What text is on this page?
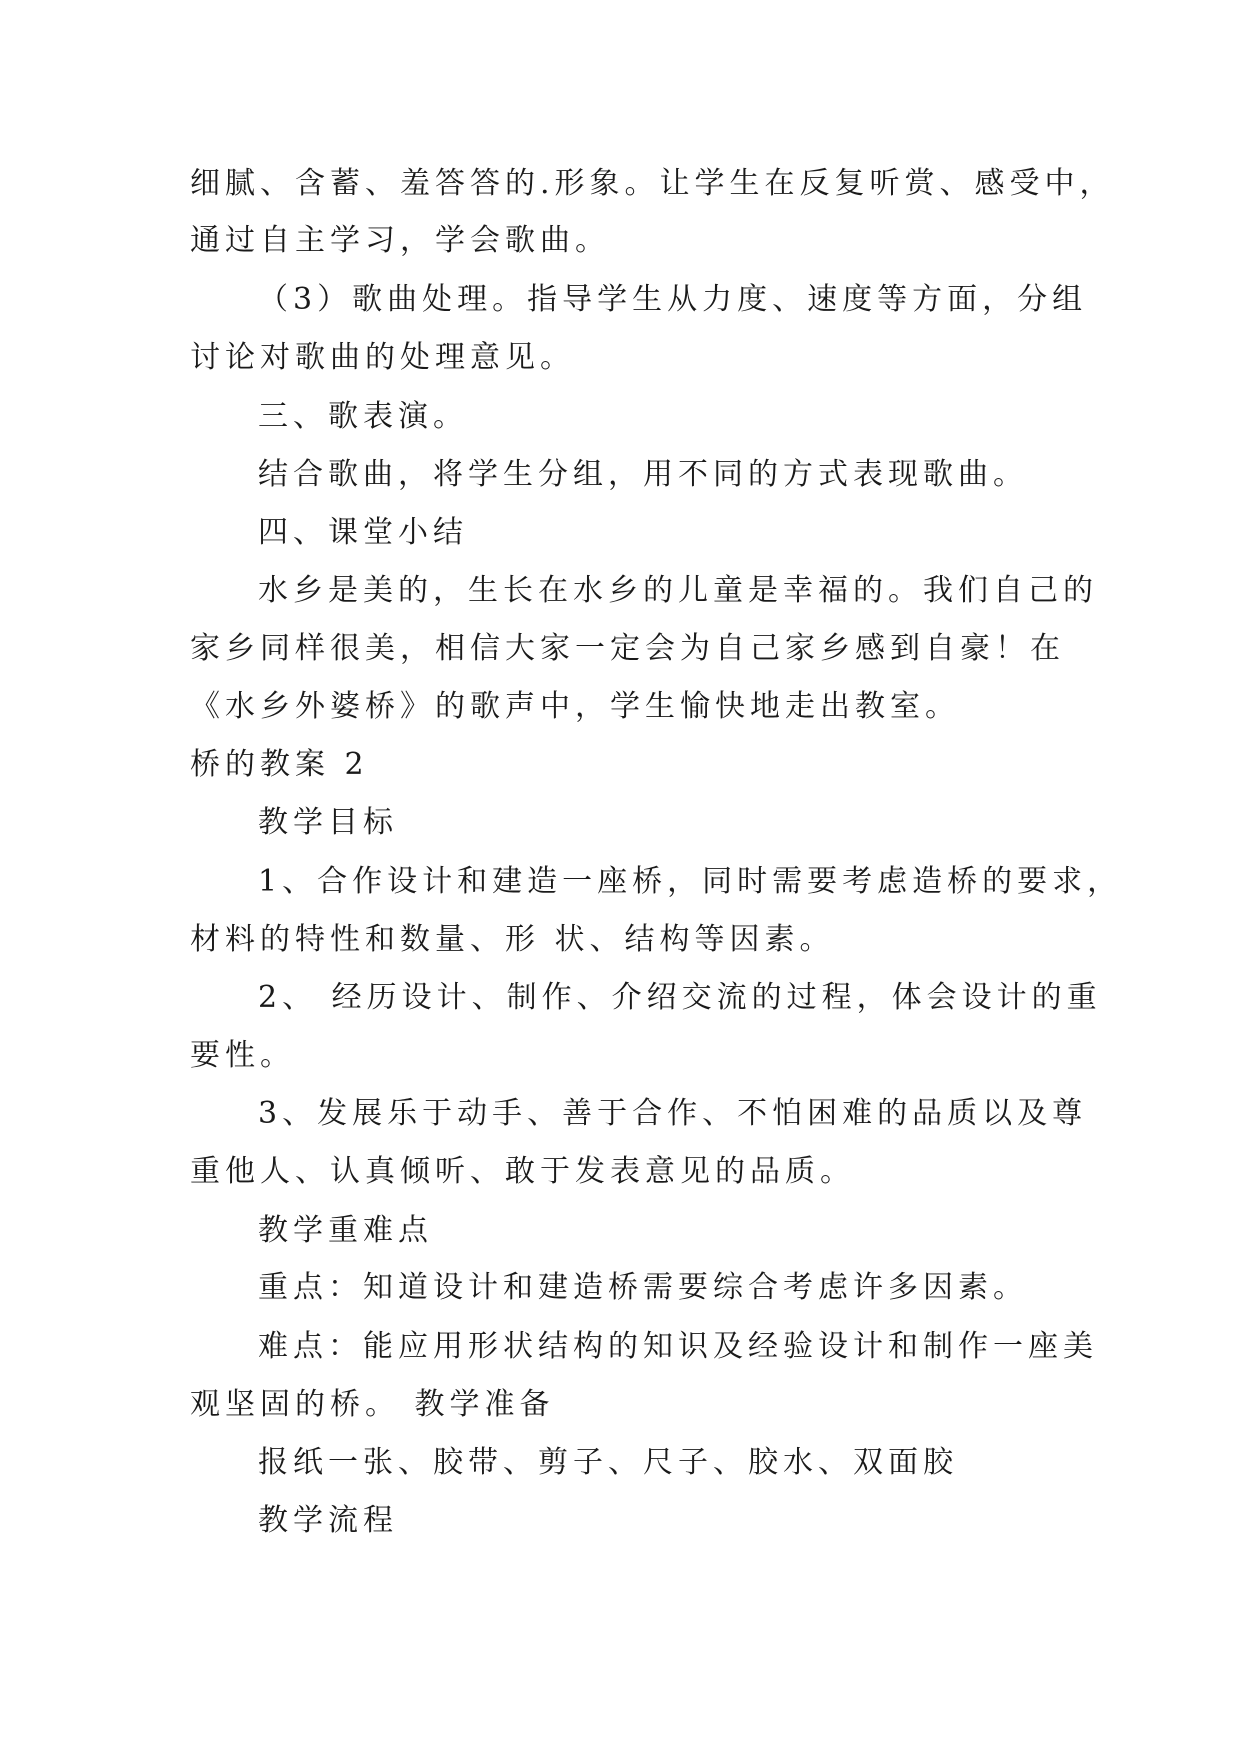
细腻、含蓄、羞答答的.形象。让学生在反复听赏、感受中，
通过自主学习，学会歌曲。
（3）歌曲处理。指导学生从力度、速度等方面，分组
讨论对歌曲的处理意见。
三、歌表演。
结合歌曲，将学生分组，用不同的方式表现歌曲。
四、课堂小结
水乡是美的，生长在水乡的儿童是幸福的。我们自己的
家乡同样很美，相信大家一定会为自己家乡感到自豪！在
《水乡外婆桥》的歌声中，学生愉快地走出教室。
桥的教案 2
教学目标
1、合作设计和建造一座桥，同时需要考虑造桥的要求，
材料的特性和数量、形 状、结构等因素。
2、 经历设计、制作、介绍交流的过程，体会设计的重
要性。
3、发展乐于动手、善于合作、不怕困难的品质以及尊
重他人、认真倾听、敢于发表意见的品质。
教学重难点
重点：知道设计和建造桥需要综合考虑许多因素。
难点：能应用形状结构的知识及经验设计和制作一座美
观坚固的桥。 教学准备
报纸一张、胶带、剪子、尺子、胶水、双面胶
教学流程
